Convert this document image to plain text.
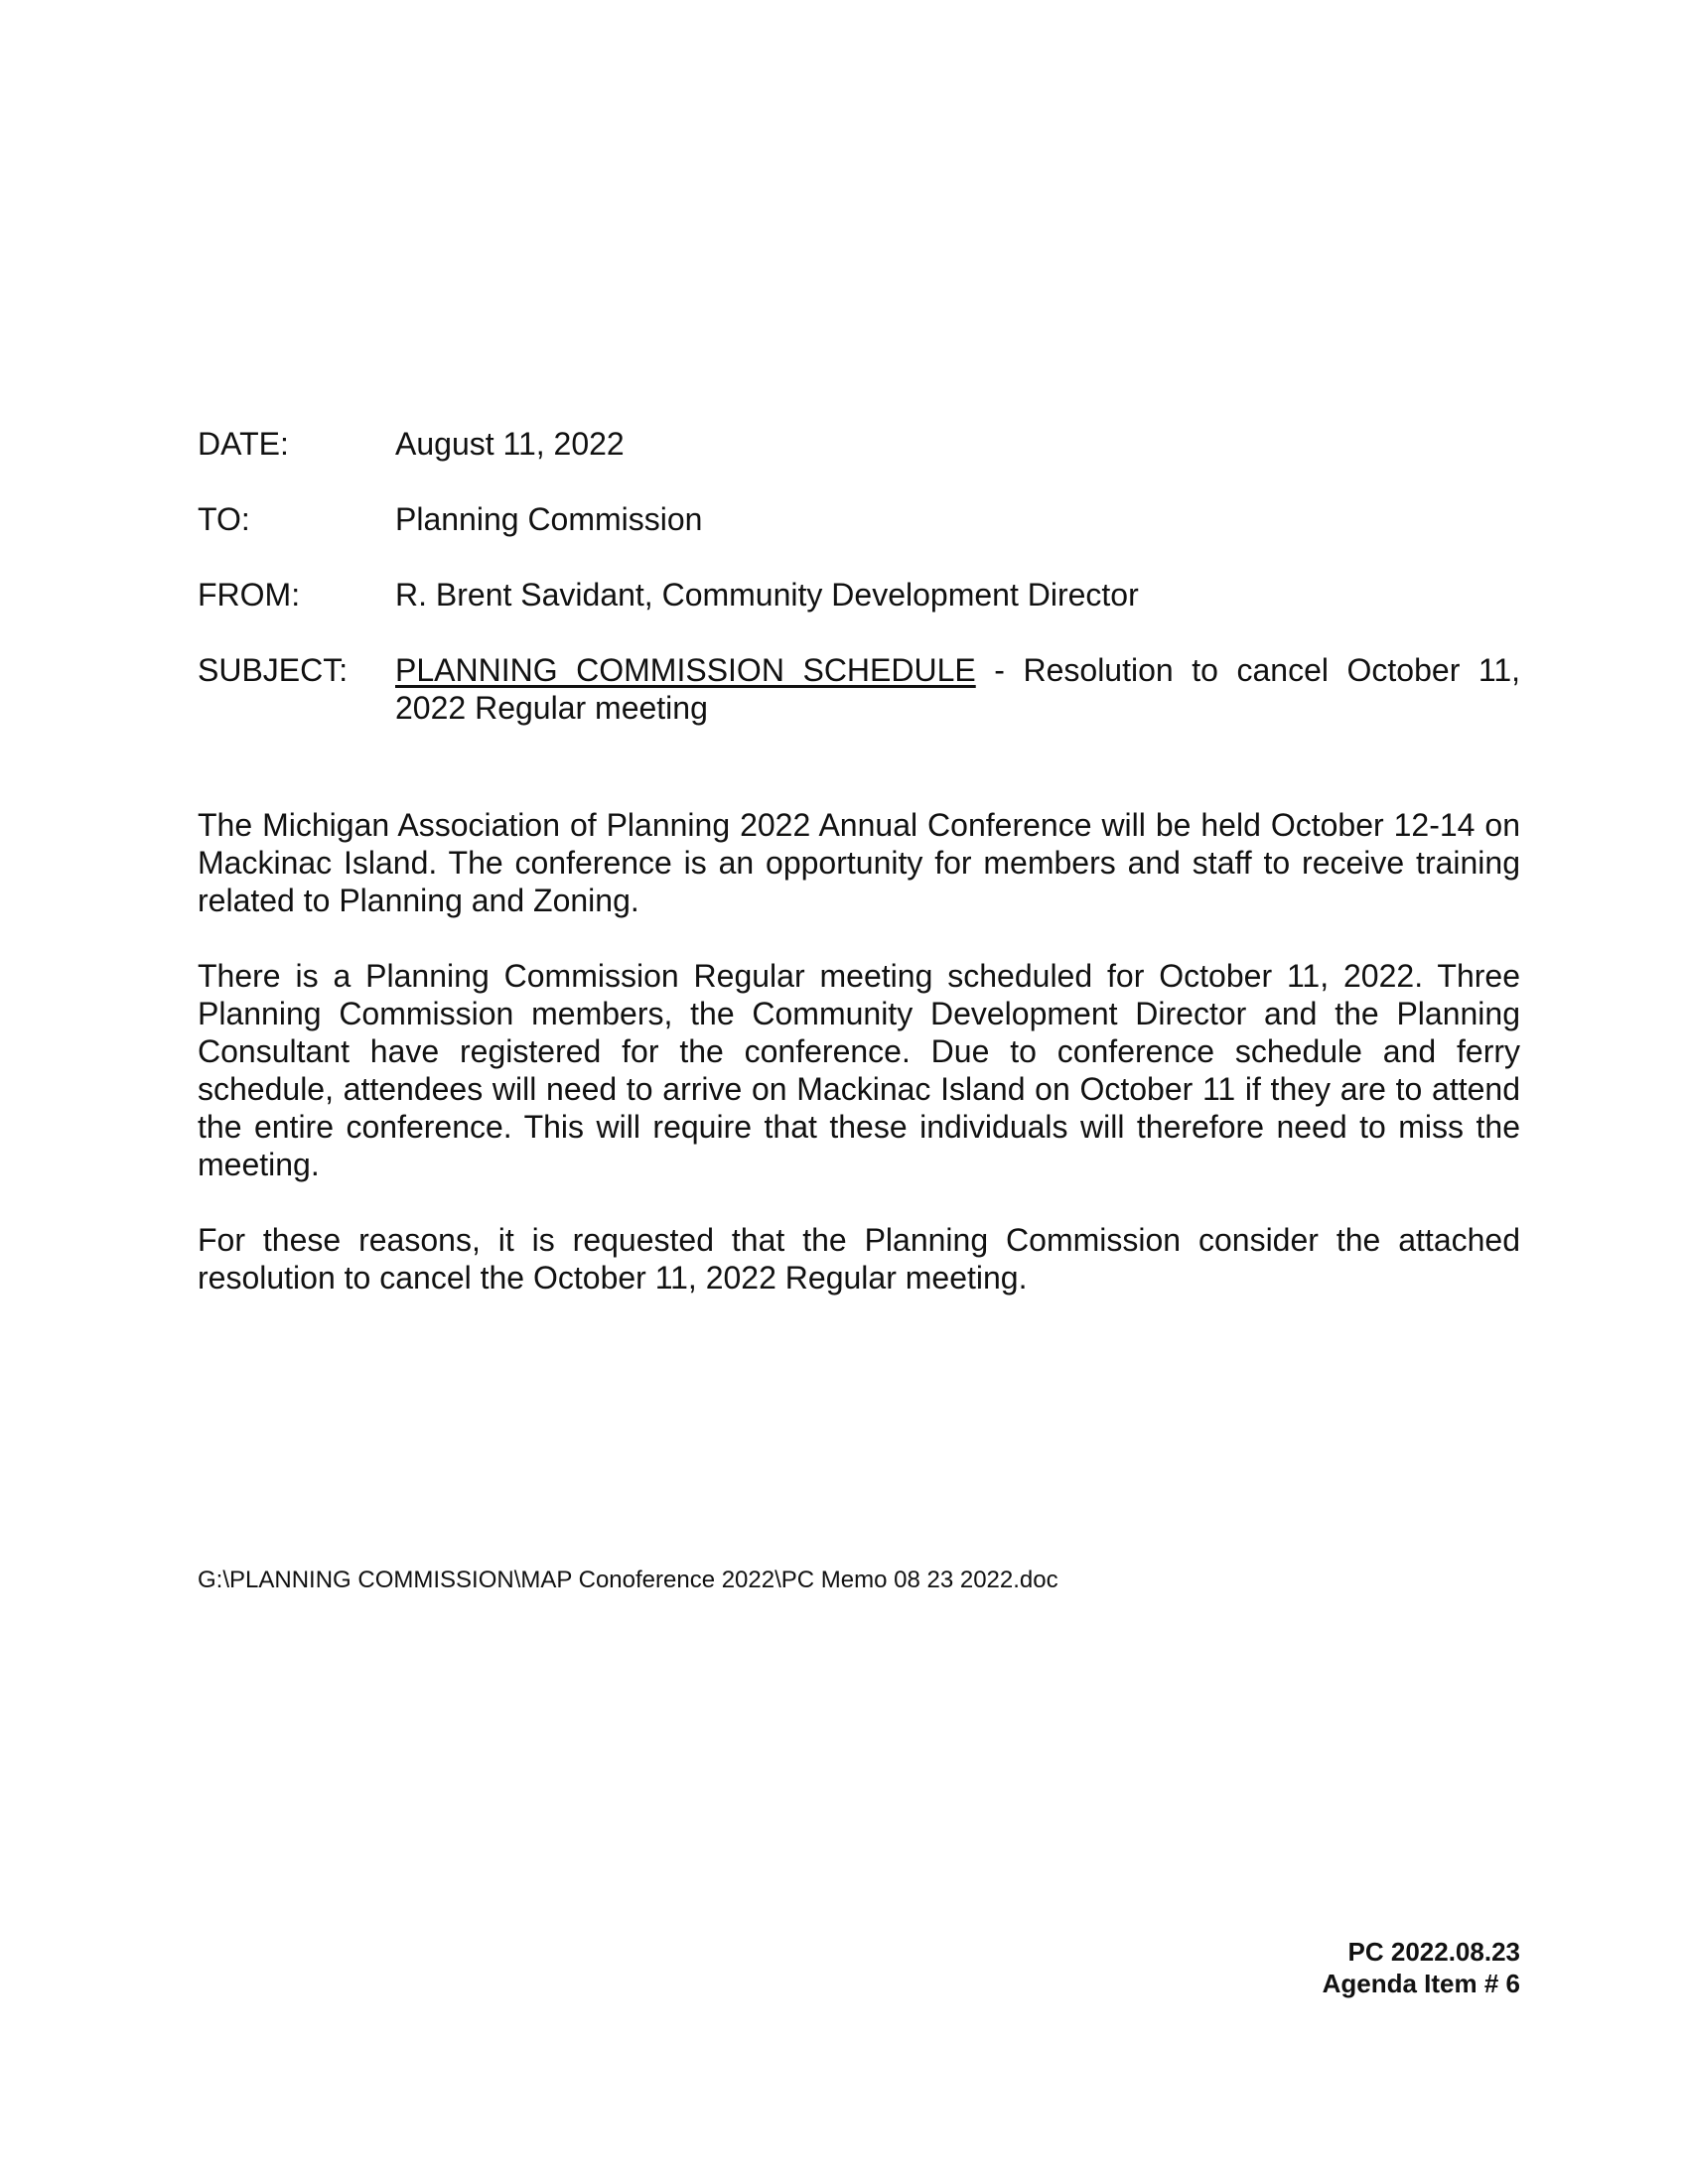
DATE:	August 11, 2022
TO:	Planning Commission
FROM:	R. Brent Savidant, Community Development Director
SUBJECT:	PLANNING COMMISSION SCHEDULE - Resolution to cancel October 11, 2022 Regular meeting

The Michigan Association of Planning 2022 Annual Conference will be held October 12-14 on Mackinac Island. The conference is an opportunity for members and staff to receive training related to Planning and Zoning.

There is a Planning Commission Regular meeting scheduled for October 11, 2022. Three Planning Commission members, the Community Development Director and the Planning Consultant have registered for the conference. Due to conference schedule and ferry schedule, attendees will need to arrive on Mackinac Island on October 11 if they are to attend the entire conference. This will require that these individuals will therefore need to miss the meeting.

For these reasons, it is requested that the Planning Commission consider the attached resolution to cancel the October 11, 2022 Regular meeting.

G:\PLANNING COMMISSION\MAP Conoference 2022\PC Memo 08 23 2022.doc
PC 2022.08.23
Agenda Item # 6
